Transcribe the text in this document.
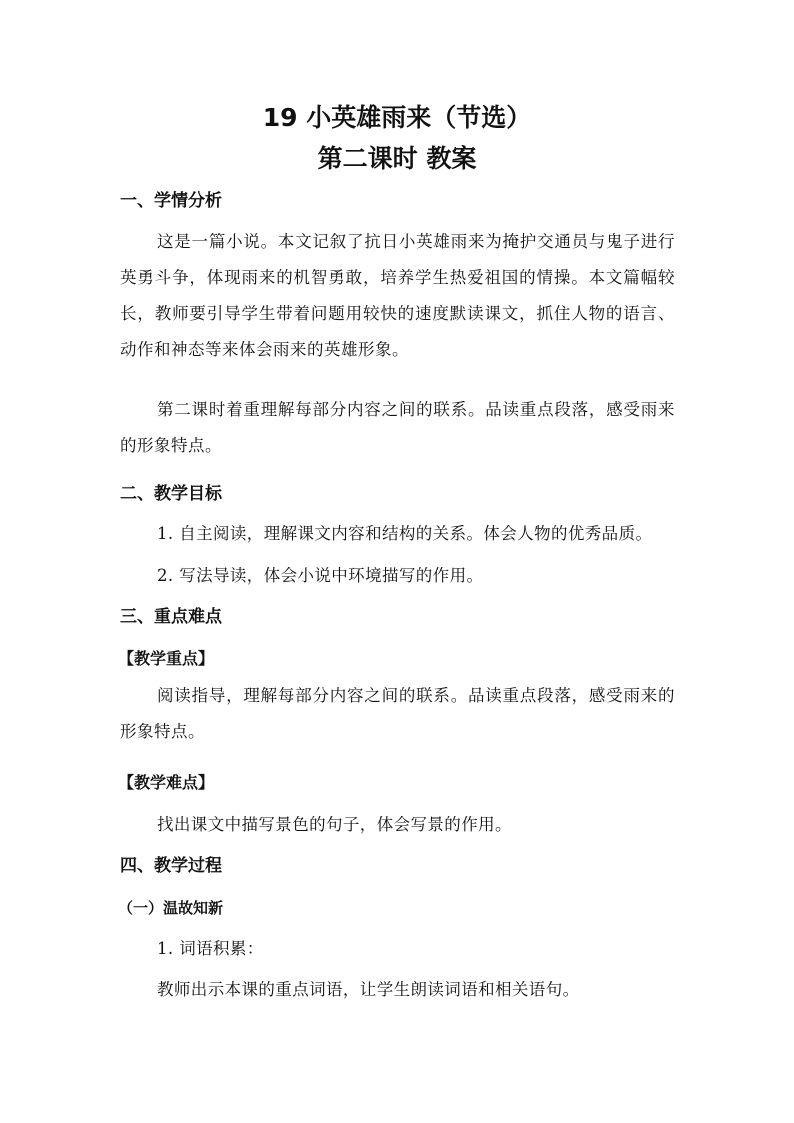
19 小英雄雨来（节选）
第二课时 教案
一、学情分析
这是一篇小说。本文记叙了抗日小英雄雨来为掩护交通员与鬼子进行英勇斗争，体现雨来的机智勇敢，培养学生热爱祖国的情操。本文篇幅较长，教师要引导学生带着问题用较快的速度默读课文，抓住人物的语言、动作和神态等来体会雨来的英雄形象。
第二课时着重理解每部分内容之间的联系。品读重点段落，感受雨来的形象特点。
二、教学目标
1. 自主阅读，理解课文内容和结构的关系。体会人物的优秀品质。
2. 写法导读，体会小说中环境描写的作用。
三、重点难点
【教学重点】
阅读指导，理解每部分内容之间的联系。品读重点段落，感受雨来的形象特点。
【教学难点】
找出课文中描写景色的句子，体会写景的作用。
四、教学过程
（一）温故知新
1. 词语积累：
教师出示本课的重点词语，让学生朗读词语和相关语句。
